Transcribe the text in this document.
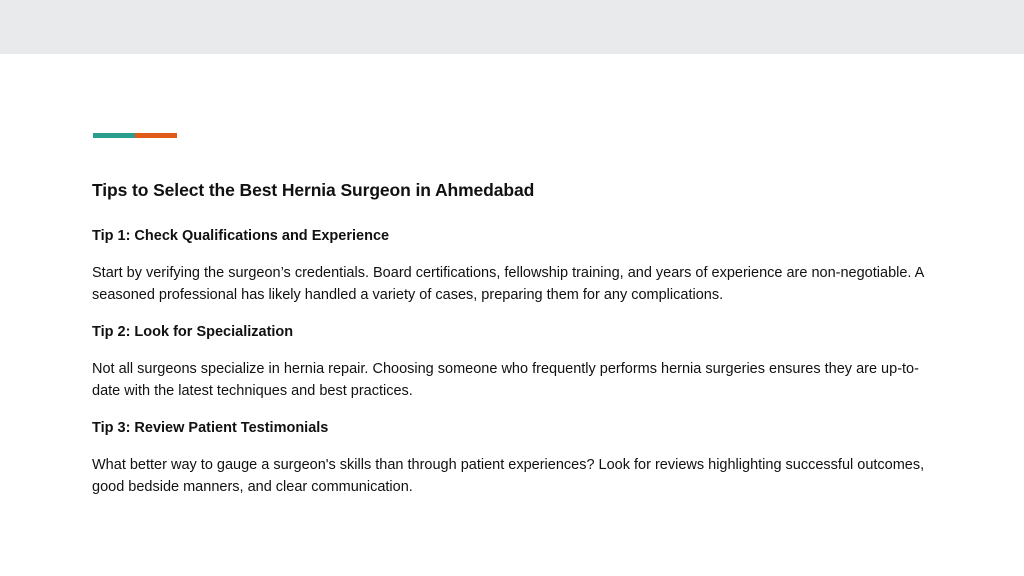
Tips to Select the Best Hernia Surgeon in Ahmedabad
Tip 1: Check Qualifications and Experience

Start by verifying the surgeon’s credentials. Board certifications, fellowship training, and years of experience are non-negotiable. A seasoned professional has likely handled a variety of cases, preparing them for any complications.

Tip 2: Look for Specialization

Not all surgeons specialize in hernia repair. Choosing someone who frequently performs hernia surgeries ensures they are up-to-date with the latest techniques and best practices.

Tip 3: Review Patient Testimonials

What better way to gauge a surgeon's skills than through patient experiences? Look for reviews highlighting successful outcomes, good bedside manners, and clear communication.
